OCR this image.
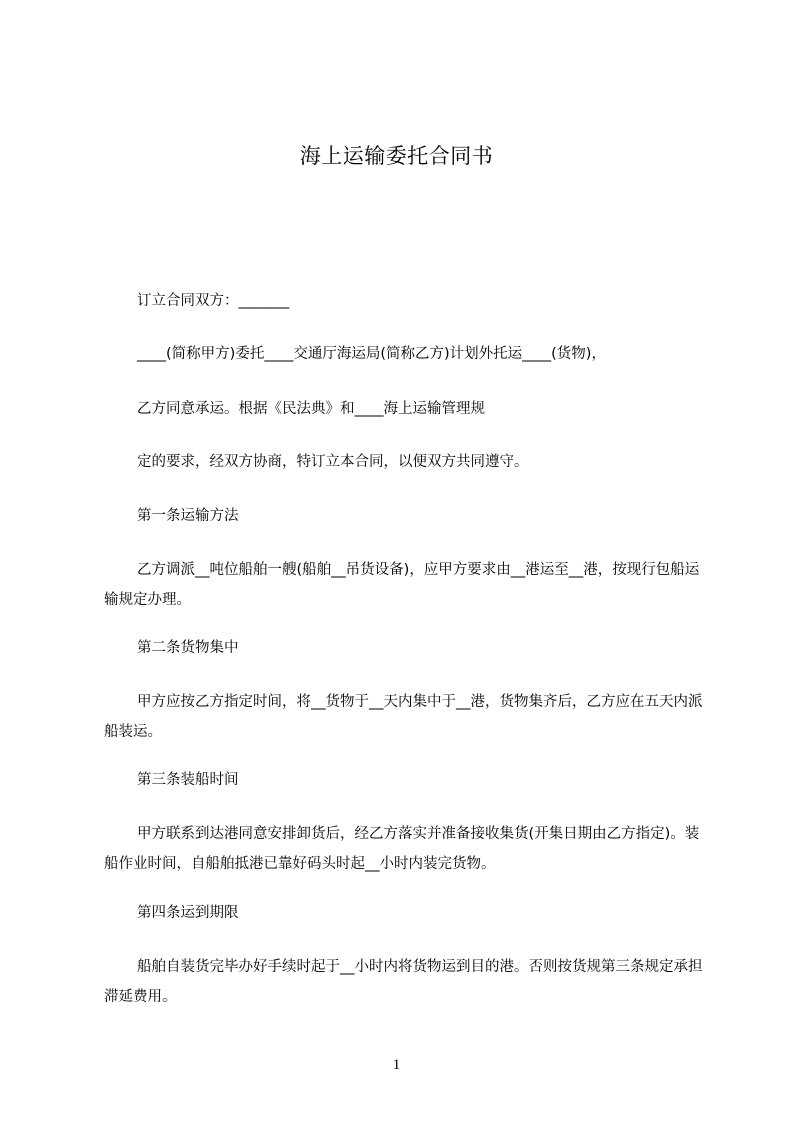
海上运输委托合同书
订立合同双方：_______
____(简称甲方)委托____交通厅海运局(简称乙方)计划外托运____(货物)，
乙方同意承运。根据《民法典》和____海上运输管理规
定的要求，经双方协商，特订立本合同，以便双方共同遵守。
第一条运输方法
乙方调派__吨位船舶一艘(船舶__吊货设备)，应甲方要求由__港运至__港，按现行包船运输规定办理。
第二条货物集中
甲方应按乙方指定时间，将__货物于__天内集中于__港，货物集齐后，乙方应在五天内派船装运。
第三条装船时间
甲方联系到达港同意安排卸货后，经乙方落实并准备接收集货(开集日期由乙方指定)。装船作业时间，自船舶抵港已靠好码头时起__小时内装完货物。
第四条运到期限
船舶自装货完毕办好手续时起于__小时内将货物运到目的港。否则按货规第三条规定承担滞延费用。
1
